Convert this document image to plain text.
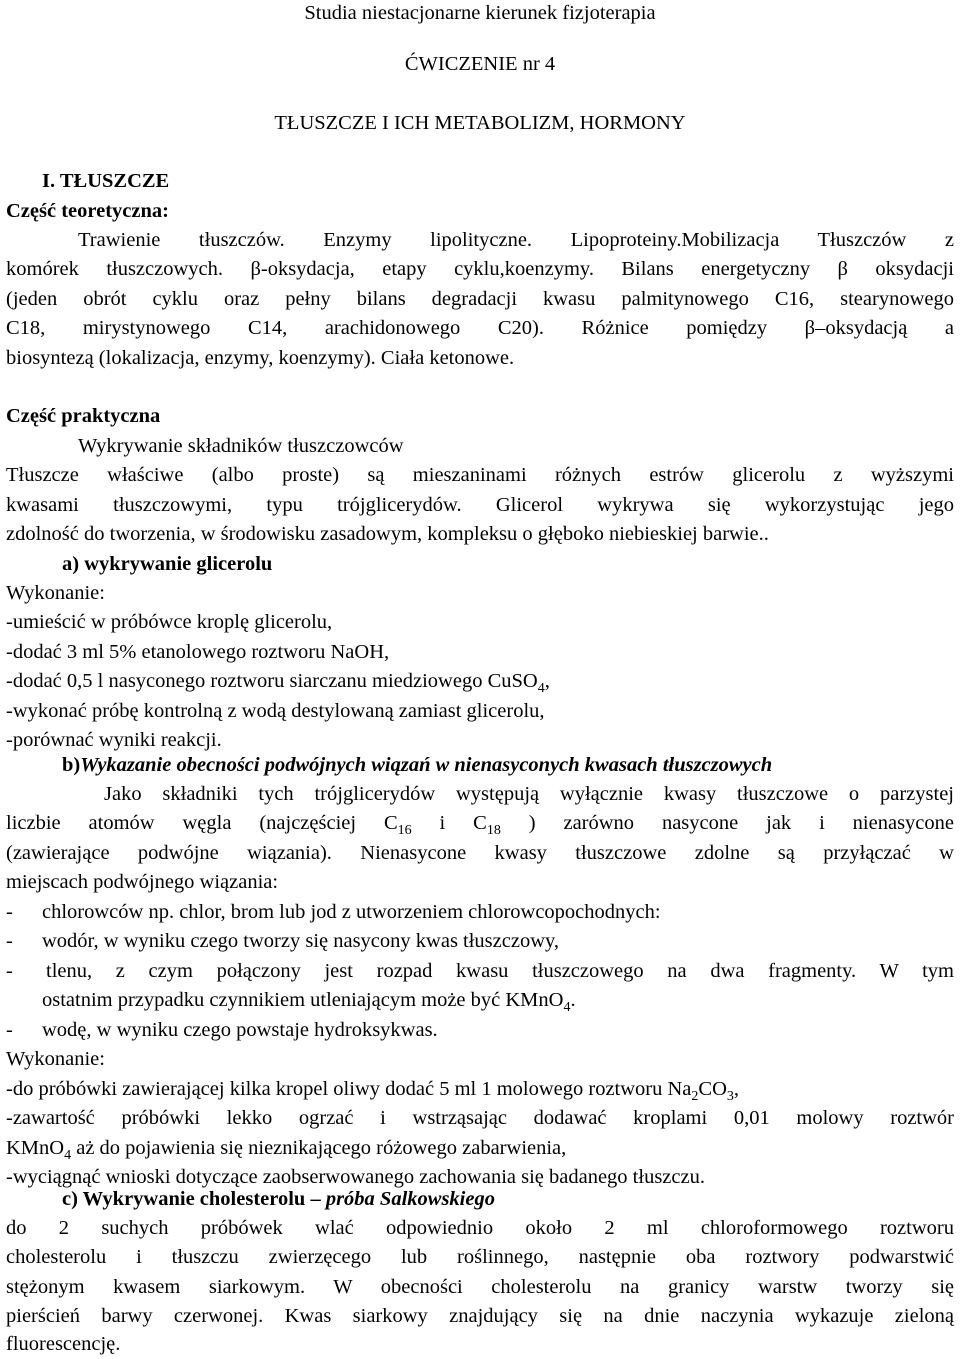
Studia niestacjonarne kierunek fizjoterapia
ĆWICZENIE nr 4
TŁUSZCZE I ICH METABOLIZM, HORMONY
I. TŁUSZCZE
Część teoretyczna:
Trawienie tłuszczów. Enzymy lipolityczne. Lipoproteiny.Mobilizacja Tłuszczów z
komórek tłuszczowych. β-oksydacja, etapy cyklu,koenzymy. Bilans energetyczny β oksydacji
(jeden obrót cyklu oraz pełny bilans degradacji kwasu palmitynowego C16, stearynowego
C18, mirystynowego C14, arachidonowego C20). Różnice pomiędzy β–oksydacją a
biosyntezą (lokalizacja, enzymy, koenzymy). Ciała ketonowe.
Część praktyczna
Wykrywanie składników tłuszczowców
Tłuszcze właściwe (albo proste) są mieszaninami różnych estrów glicerolu z wyższymi
kwasami tłuszczowymi, typu trójglicerydów. Glicerol wykrywa się wykorzystując jego
zdolność do tworzenia, w środowisku zasadowym, kompleksu o głęboko niebieskiej barwie..
a) wykrywanie glicerolu
Wykonanie:
-umieścić w próbówce kroplę glicerolu,
-dodać 3 ml 5% etanolowego roztworu NaOH,
-dodać 0,5 l nasyconego roztworu siarczanu miedziowego CuSO$_4$,
-wykonać próbę kontrolną z wodą destylowaną zamiast glicerolu,
-porównać wyniki reakcji.
b)Wykazanie obecności podwójnych wiązań w nienasyconych kwasach tłuszczowych
Jako składniki tych trójglicerydów występują wyłącznie kwasy tłuszczowe o parzystej
liczbie atomów węgla (najczęściej $C_{16}$ i $C_{18}$ ) zarówno nasycone jak i nienasycone
(zawierające podwójne wiązania). Nienasycone kwasy tłuszczowe zdolne są przyłączać w
miejscach podwójnego wiązania:
-	chlorowców np. chlor, brom lub jod z utworzeniem chlorowcopochodnych:
-	wodór, w wyniku czego tworzy się nasycony kwas tłuszczowy,
-	tlenu, z czym połączony jest rozpad kwasu tłuszczowego na dwa fragmenty. W tym
ostatnim przypadku czynnikiem utleniającym może być KMnO$_4$.
-	wodę, w wyniku czego powstaje hydroksykwas.
Wykonanie:
-do próbówki zawierającej kilka kropel oliwy dodać 5 ml 1 molowego roztworu $Na_2CO_3$,
-zawartość próbówki lekko ogrzać i wstrząsając dodawać kroplami 0,01 molowy roztwór
KMnO$_4$ aż do pojawienia się nieznikającego różowego zabarwienia,
-wyciągnąć wnioski dotyczące zaobserwowanego zachowania się badanego tłuszczu.
c) Wykrywanie cholesterolu – próba Salkowskiego
do 2 suchych próbówek wlać odpowiednio około 2 ml chloroformowego roztworu
cholesterolu i tłuszczu zwierzęcego lub roślinnego, następnie oba roztwory podwarstwić
stężonym kwasem siarkowym. W obecności cholesterolu na granicy warstw tworzy się
pierścień barwy czerwonej. Kwas siarkowy znajdujący się na dnie naczynia wykazuje zieloną
fluorescencję.
